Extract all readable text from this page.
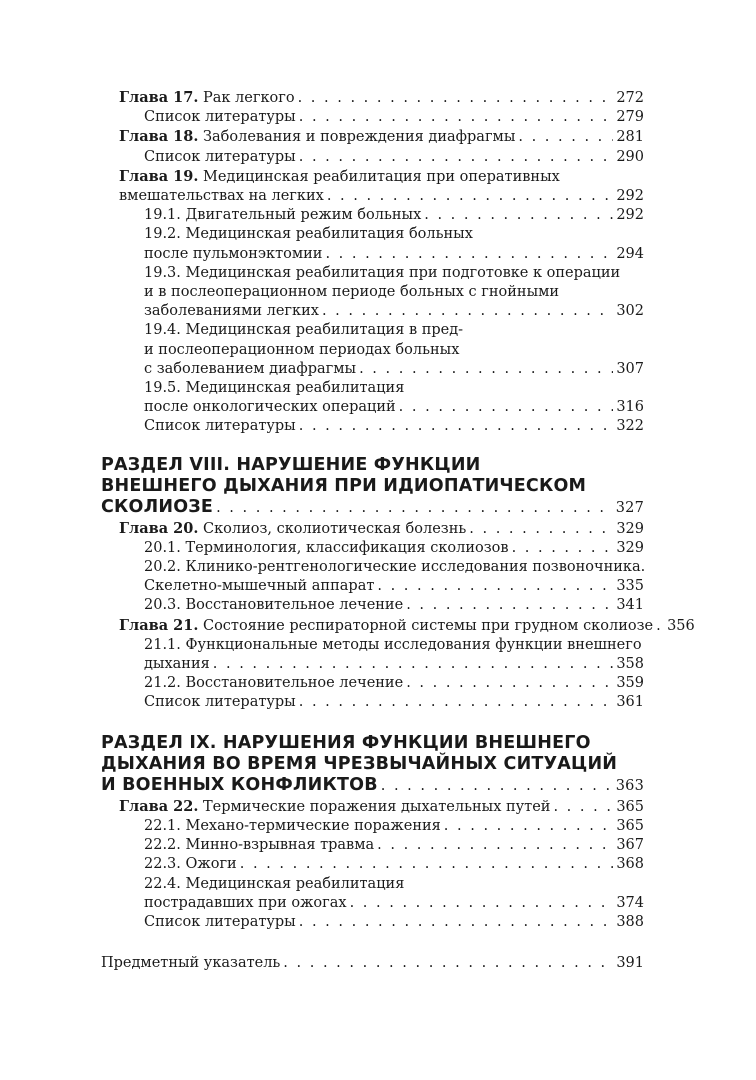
Глава 17. Рак легкого . . .	272
Список литературы . . .	279
Глава 18. Заболевания и повреждения диафрагмы . . .	281
Список литературы . . .	290
Глава 19. Медицинская реабилитация при оперативных
вмешательствах на легких . . .	292
19.1. Двигательный режим больных . . .	292
19.2. Медицинская реабилитация больных
после пульмонэктомии . . .	294
19.3. Медицинская реабилитация при подготовке к операции
и в послеоперационном периоде больных с гнойными
заболеваниями легких . . .	302
19.4. Медицинская реабилитация в пред-
и послеоперационном периодах больных
с заболеванием диафрагмы . . .	307
19.5. Медицинская реабилитация
после онкологических операций . . .	316
Список литературы . . .	322
РАЗДЕЛ VIII. НАРУШЕНИЕ ФУНКЦИИ
ВНЕШНЕГО ДЫХАНИЯ ПРИ ИДИОПАТИЧЕСКОМ
СКОЛИОЗЕ . . .	327
Глава 20. Сколиоз, сколиотическая болезнь . . .	329
20.1. Терминология, классификация сколиозов . . .	329
20.2. Клинико-рентгенологические исследования позвоночника.
Скелетно-мышечный аппарат . . .	335
20.3. Восстановительное лечение . . .	341
Глава 21. Состояние респираторной системы при грудном сколиозе . . . 356
21.1. Функциональные методы исследования функции внешнего
дыхания . . .	358
21.2. Восстановительное лечение . . .	359
Список литературы . . .	361
РАЗДЕЛ IX. НАРУШЕНИЯ ФУНКЦИИ ВНЕШНЕГО
ДЫХАНИЯ ВО ВРЕМЯ ЧРЕЗВЫЧАЙНЫХ СИТУАЦИЙ
И ВОЕННЫХ КОНФЛИКТОВ . . .	363
Глава 22. Термические поражения дыхательных путей . . .	365
22.1. Механо-термические поражения . . .	365
22.2. Минно-взрывная травма . . .	367
22.3. Ожоги . . .	368
22.4. Медицинская реабилитация
пострадавших при ожогах . . .	374
Список литературы . . .	388
Предметный указатель . . .	391
